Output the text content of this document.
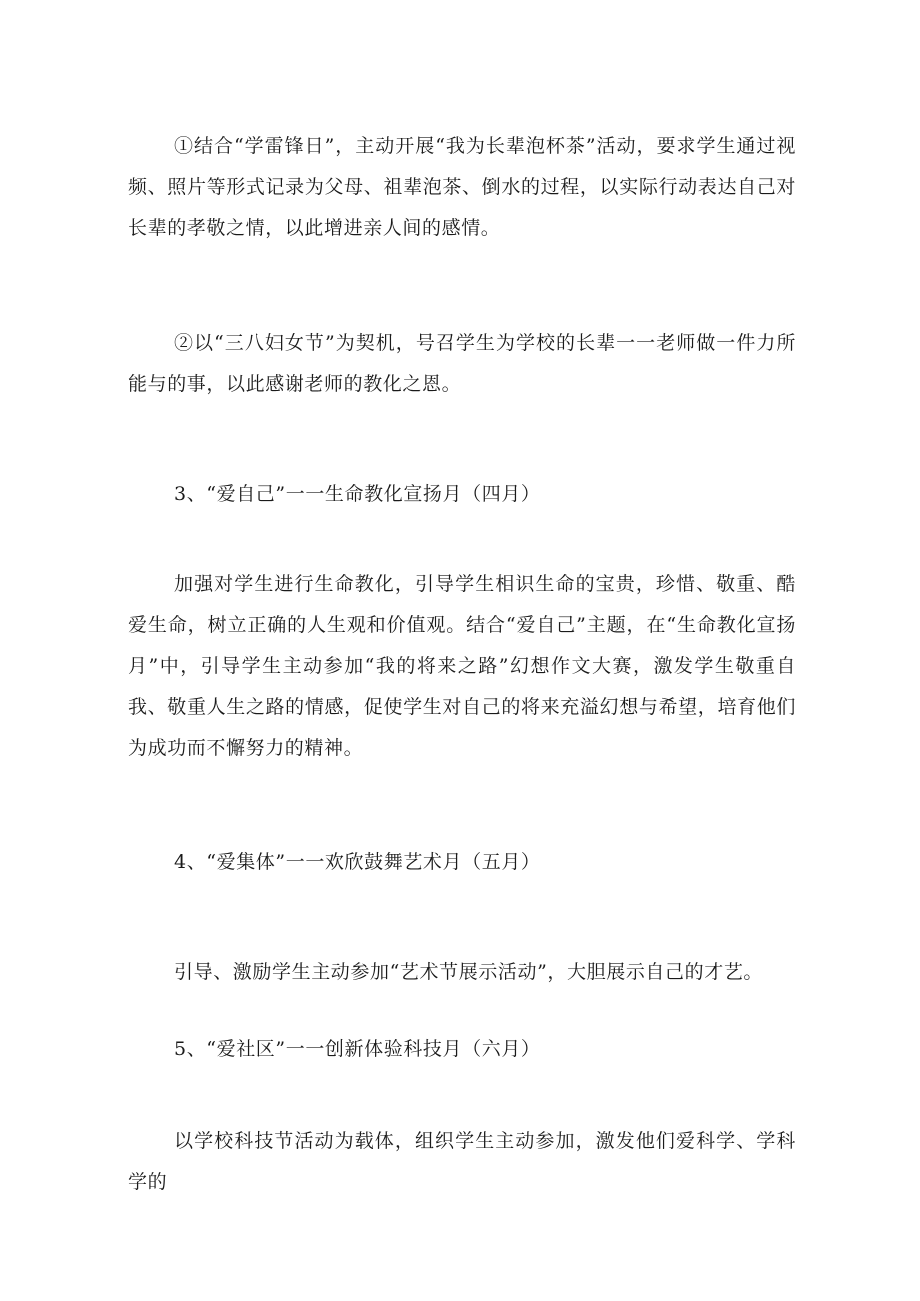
①结合“学雷锋日”，主动开展“我为长辈泡杯茶”活动，要求学生通过视频、照片等形式记录为父母、祖辈泡茶、倒水的过程，以实际行动表达自己对长辈的孝敬之情，以此增进亲人间的感情。

②以“三八妇女节”为契机，号召学生为学校的长辈一一老师做一件力所能与的事，以此感谢老师的教化之恩。

3、“爱自己”一一生命教化宣扬月（四月）

加强对学生进行生命教化，引导学生相识生命的宝贵，珍惜、敬重、酷爱生命，树立正确的人生观和价值观。结合“爱自己”主题，在“生命教化宣扬月”中，引导学生主动参加“我的将来之路”幻想作文大赛，激发学生敬重自我、敬重人生之路的情感，促使学生对自己的将来充溢幻想与希望，培育他们为成功而不懈努力的精神。

4、“爱集体”一一欢欣鼓舞艺术月（五月）

引导、激励学生主动参加“艺术节展示活动”，大胆展示自己的才艺。

5、“爱社区”一一创新体验科技月（六月）

以学校科技节活动为载体，组织学生主动参加，激发他们爱科学、学科学的
